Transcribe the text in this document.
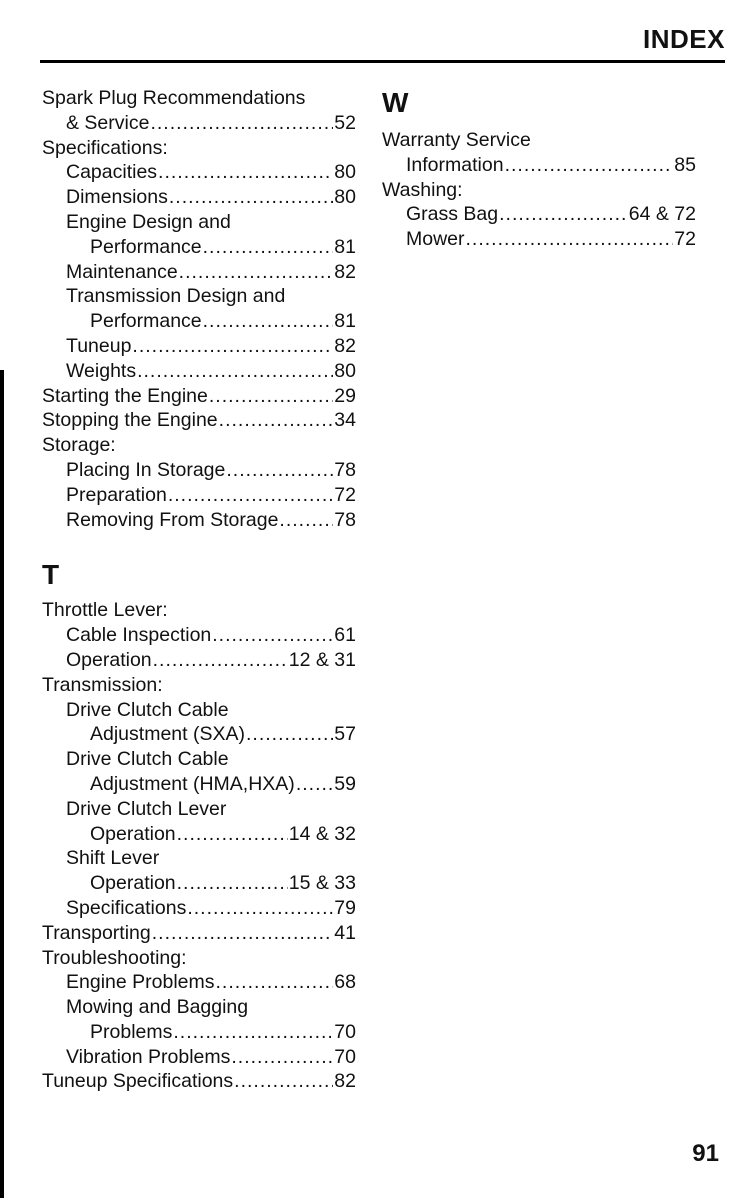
INDEX
Spark Plug Recommendations
& Service .....	52
Specifications:
Capacities .....	80
Dimensions .....	80
Engine Design and
Performance .....	81
Maintenance .....	82
Transmission Design and
Performance .....	81
Tuneup .....	82
Weights .....	80
Starting the Engine .....	29
Stopping the Engine .....	34
Storage:
Placing In Storage .....	78
Preparation .....	72
Removing From Storage .....	78
T
Throttle Lever:
Cable Inspection .....	61
Operation .....	12 & 31
Transmission:
Drive Clutch Cable
Adjustment (SXA) .....	57
Drive Clutch Cable
Adjustment (HMA,HXA) ..... 59
Drive Clutch Lever
Operation .....	14 & 32
Shift Lever
Operation .....	15 & 33
Specifications .....	79
Transporting .....	41
Troubleshooting:
Engine Problems .....	68
Mowing and Bagging
Problems .....	70
Vibration Problems .....	70
Tuneup Specifications .....	82
W
Warranty Service
Information .....	85
Washing:
Grass Bag .....	64 & 72
Mower .....	72
91
